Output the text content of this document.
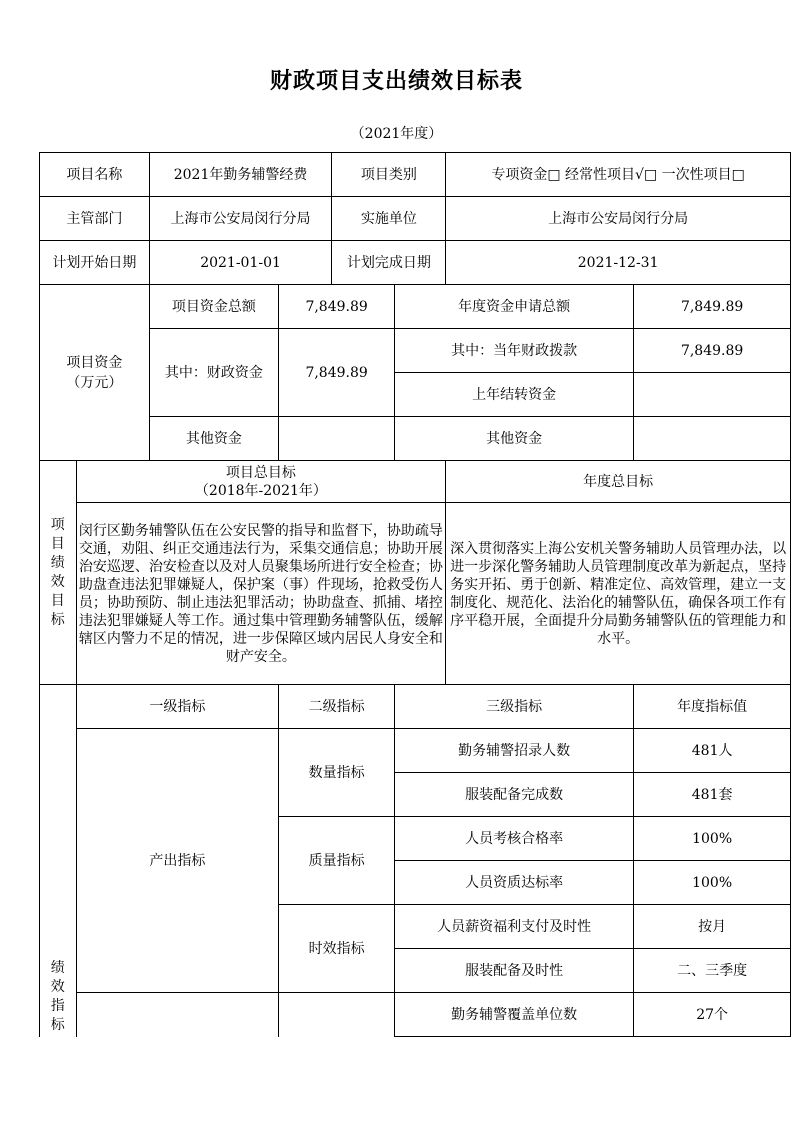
财政项目支出绩效目标表
（2021年度）
项目名称		2021年勤务辅警经费		项目类别		专项资金□ 经常性项目√□ 一次性项目□	
主管部门		上海市公安局闵行分局		实施单位		上海市公安局闵行分局	
计划开始日期		2021-01-01		计划完成日期		2021-12-31	
项目资金（万元）		项目资金总额	7,849.89		年度资金申请总额		7,849.89
		其中：财政资金	7,849.89		其中：当年财政拨款		7,849.89
					上年结转资金		
		其他资金			其他资金		
项目绩效目标	项目总目标
（2018年-2021年）					年度总目标	
	闵行区勤务辅警队伍在公安民警的指导和监督下，协助疏导交通，劝阻、纠正交通违法行为，采集交通信息；协助开展治安巡逻、治安检查以及对人员聚集场所进行安全检查；协助盘查违法犯罪嫌疑人，保护案（事）件现场，抢救受伤人员；协助预防、制止违法犯罪活动；协助盘查、抓捕、堵控违法犯罪嫌疑人等工作。通过集中管理勤务辅警队伍，缓解辖区内警力不足的情况，进一步保障区域内居民人身安全和财产安全。					深入贯彻落实上海公安机关警务辅助人员管理办法，以进一步深化警务辅助人员管理制度改革为新起点，坚持务实开拓、勇于创新、精准定位、高效管理，建立一支制度化、规范化、法治化的辅警队伍，确保各项工作有序平稳开展，全面提升分局勤务辅警队伍的管理能力和水平。	
绩效指标	一级指标		二级指标		三级指标		年度指标值
	产出指标		数量指标		勤务辅警招录人数		481人
					服装配备完成数		481套
			质量指标		人员考核合格率		100%
					人员资质达标率		100%
			时效指标		人员薪资福利支付及时性		按月
					服装配备及时性		二、三季度
					勤务辅警覆盖单位数		27个
